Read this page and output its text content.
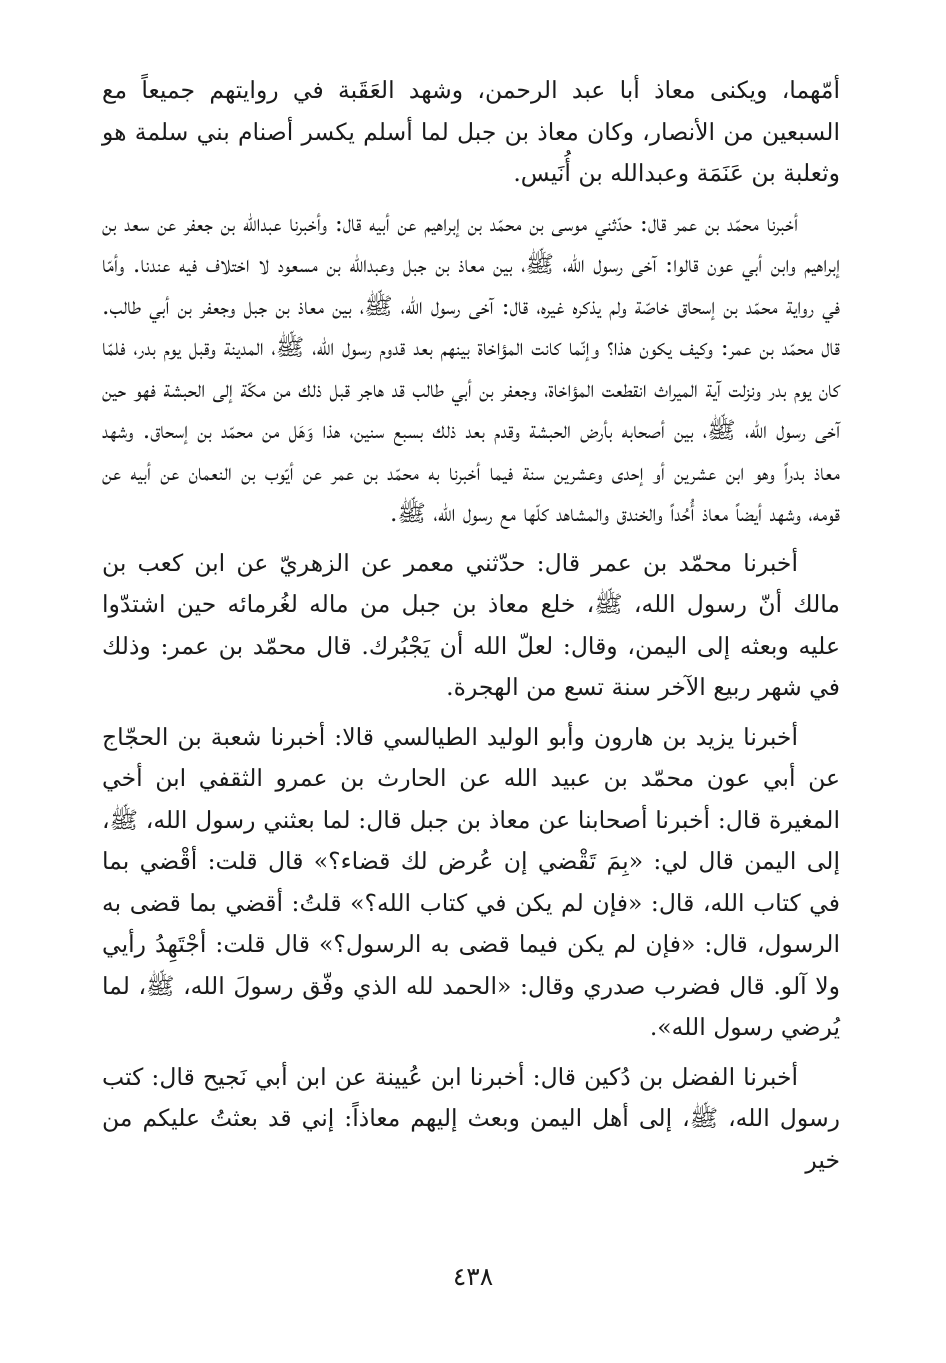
أمّهما، ويكنى معاذ أبا عبد الرحمن، وشهد العَقَبة في روايتهم جميعاً مع السبعين من الأنصار، وكان معاذ بن جبل لما أسلم يكسر أصنام بني سلمة هو وثعلبة بن عَنَمَة وعبدالله بن أُنَيس.

أخبرنا محمّد بن عمر قال: حدّثني موسى بن محمّد بن إبراهيم عن أبيه قال: وأخبرنا عبدالله بن جعفر عن سعد بن إبراهيم وابن أبي عون قالوا: آخى رسول الله، ﷺ، بين معاذ بن جبل وعبدالله بن مسعود لا اختلاف فيه عندنا. وأمّا في رواية محمّد بن إسحاق خاصّة ولم يذكره غيره، قال: آخى رسول الله، ﷺ، بين معاذ بن جبل وجعفر بن أبي طالب. قال محمّد بن عمر: وكيف يكون هذا؟ وإنّما كانت المؤاخاة بينهم بعد قدوم رسول الله، ﷺ، المدينة وقبل يوم بدر، فلمّا كان يوم بدر ونزلت آية الميراث انقطعت المؤاخاة، وجعفر بن أبي طالب قد هاجر قبل ذلك من مكّة إلى الحبشة فهو حين آخى رسول الله، ﷺ، بين أصحابه بأرض الحبشة وقدم بعد ذلك بسبع سنين، هذا وَهَل من محمّد بن إسحاق. وشهد معاذ بدراً وهو ابن عشرين أو إحدى وعشرين سنة فيما أخبرنا به محمّد بن عمر عن أيّوب بن النعمان عن أبيه عن قومه، وشهد أيضاً معاذ أُحُداً والخندق والمشاهد كلّها مع رسول الله، ﷺ.

أخبرنا محمّد بن عمر قال: حدّثني معمر عن الزهريّ عن ابن كعب بن مالك أنّ رسول الله، ﷺ، خلع معاذ بن جبل من ماله لغُرمائه حين اشتدّوا عليه وبعثه إلى اليمن، وقال: لعلّ الله أن يَجْبُرك. قال محمّد بن عمر: وذلك في شهر ربيع الآخر سنة تسع من الهجرة.

أخبرنا يزيد بن هارون وأبو الوليد الطيالسي قالا: أخبرنا شعبة بن الحجّاج عن أبي عون محمّد بن عبيد الله عن الحارث بن عمرو الثقفي ابن أخي المغيرة قال: أخبرنا أصحابنا عن معاذ بن جبل قال: لما بعثني رسول الله، ﷺ، إلى اليمن قال لي: «بِمَ تَقْضي إن عُرض لك قضاء؟» قال قلت: أقْضي بما في كتاب الله، قال: «فإن لم يكن في كتاب الله؟» قلتُ: أقضي بما قضى به الرسول، قال: «فإن لم يكن فيما قضى به الرسول؟» قال قلت: أجْتَهِدُ رأيي ولا آلو. قال فضرب صدري وقال: «الحمد لله الذي وفّق رسولَ الله، ﷺ، لما يُرضي رسول الله».

أخبرنا الفضل بن دُكين قال: أخبرنا ابن عُيينة عن ابن أبي نَجيح قال: كتب رسول الله، ﷺ، إلى أهل اليمن وبعث إليهم معاذاً: إني قد بعثتُ عليكم من خير

٤٣٨
